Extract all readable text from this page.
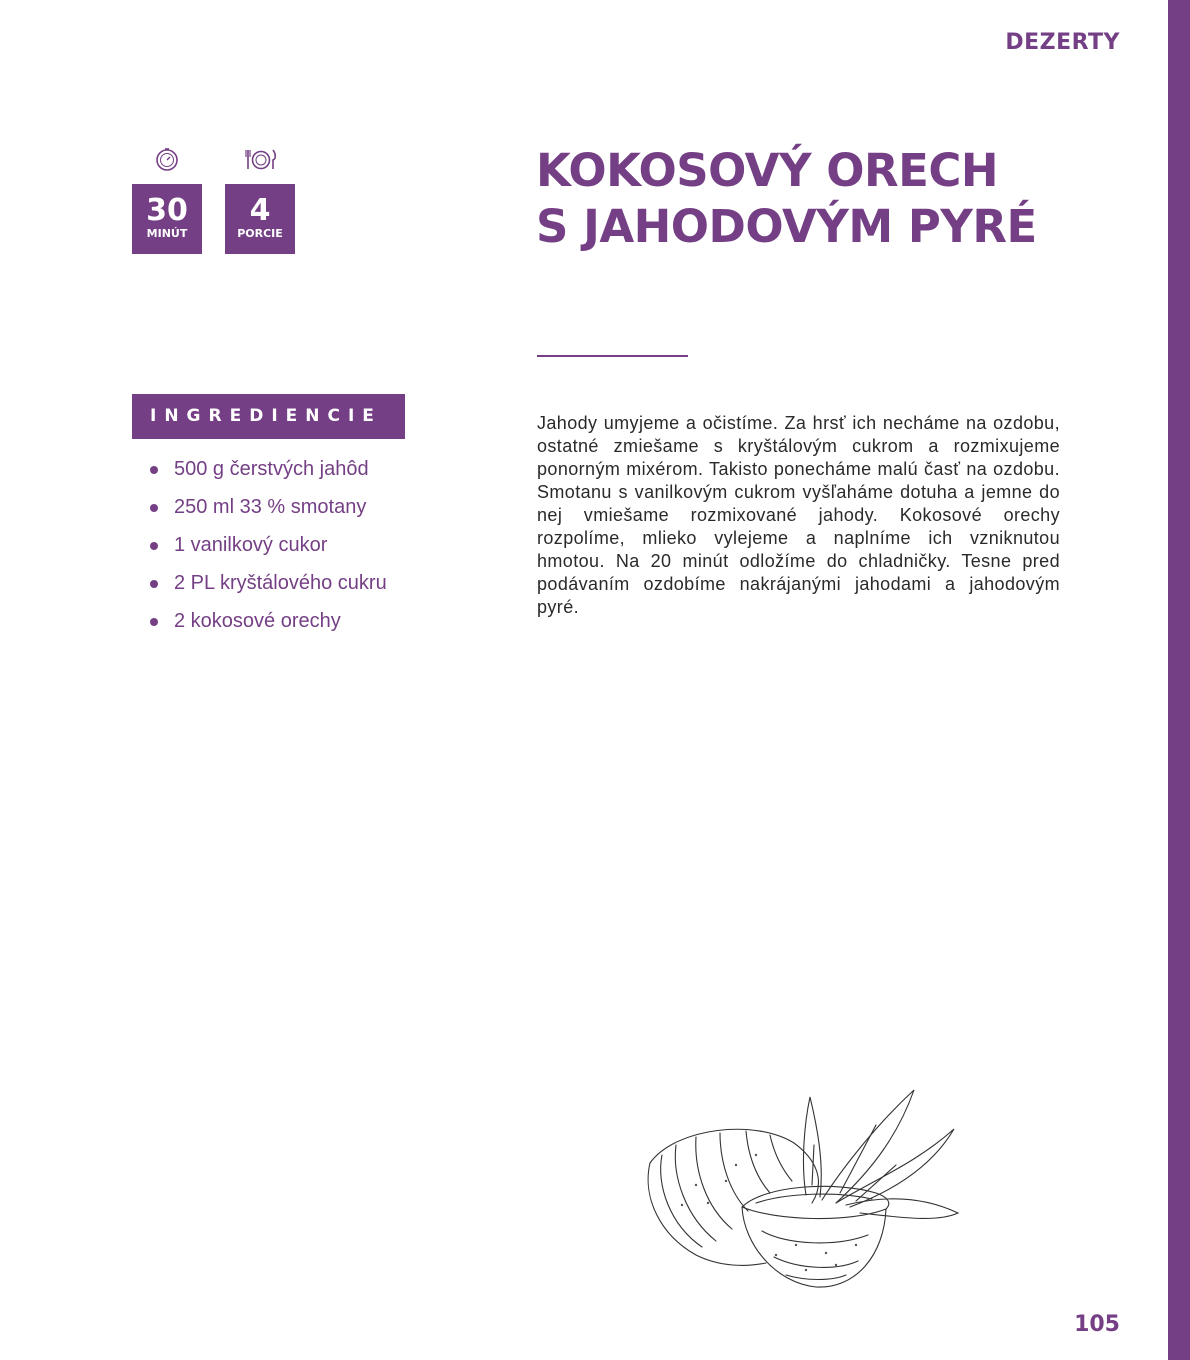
DEZERTY
30
MINÚT
4
PORCIE
KOKOSOVÝ ORECH
S JAHODOVÝM PYRÉ
INGREDIENCIE
500 g čerstvých jahôd
250 ml 33 % smotany
1 vanilkový cukor
2 PL kryštálového cukru
2 kokosové orechy

Jahody umyjeme a očistíme. Za hrsť ich necháme na ozdobu, ostatné zmiešame s kryštálovým cukrom a rozmixujeme ponorným mixérom. Takisto ponecháme malú časť na ozdobu. Smotanu s vanilkovým cukrom vyšľaháme dotuha a jemne do nej vmiešame rozmixované jahody. Kokosové orechy rozpolíme, mlieko vylejeme a naplníme ich vzniknutou hmotou. Na 20 minút odložíme do chladničky. Tesne pred podávaním ozdobíme nakrájanými jahodami a jahodovým pyré.

105
